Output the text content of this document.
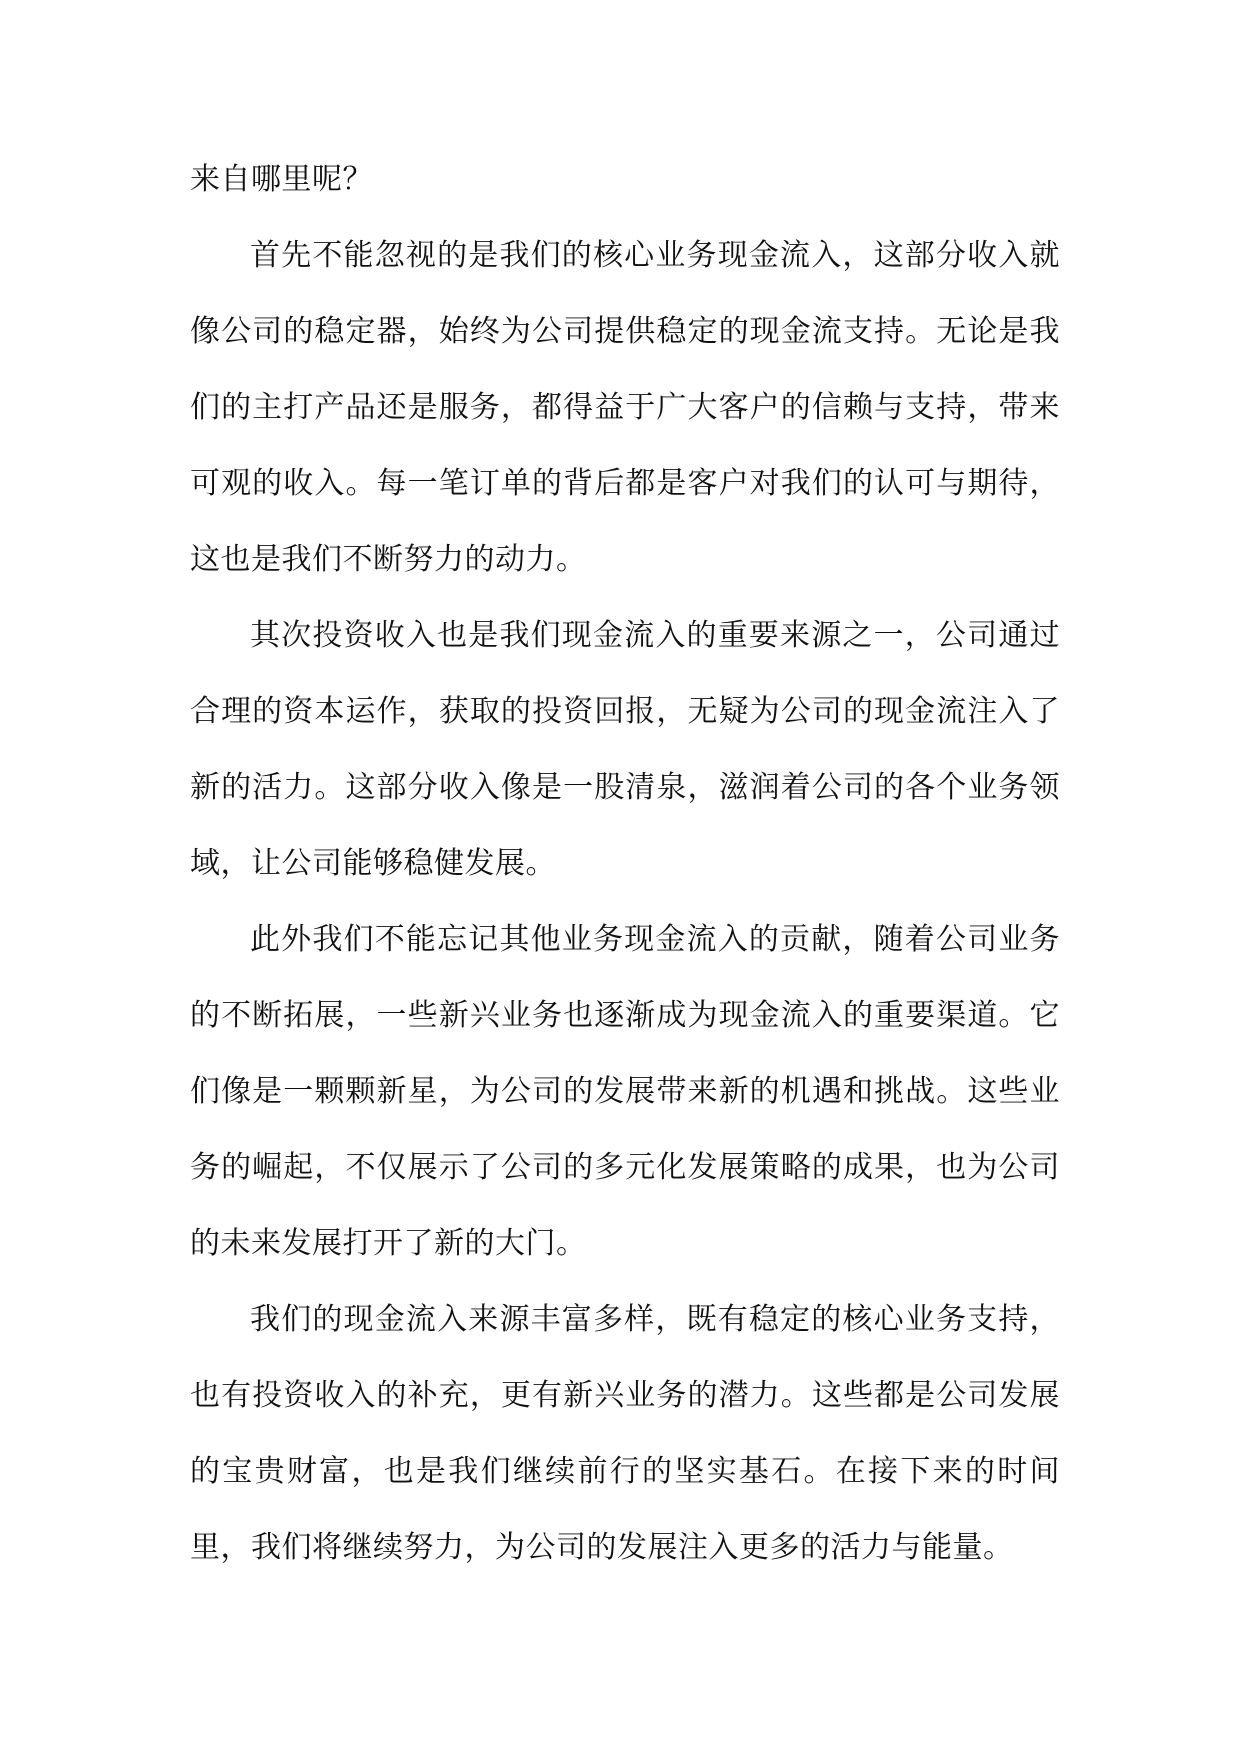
来自哪里呢？

首先不能忽视的是我们的核心业务现金流入，这部分收入就像公司的稳定器，始终为公司提供稳定的现金流支持。无论是我们的主打产品还是服务，都得益于广大客户的信赖与支持，带来可观的收入。每一笔订单的背后都是客户对我们的认可与期待，这也是我们不断努力的动力。

其次投资收入也是我们现金流入的重要来源之一，公司通过合理的资本运作，获取的投资回报，无疑为公司的现金流注入了新的活力。这部分收入像是一股清泉，滋润着公司的各个业务领域，让公司能够稳健发展。

此外我们不能忘记其他业务现金流入的贡献，随着公司业务的不断拓展，一些新兴业务也逐渐成为现金流入的重要渠道。它们像是一颗颗新星，为公司的发展带来新的机遇和挑战。这些业务的崛起，不仅展示了公司的多元化发展策略的成果，也为公司的未来发展打开了新的大门。

我们的现金流入来源丰富多样，既有稳定的核心业务支持，也有投资收入的补充，更有新兴业务的潜力。这些都是公司发展的宝贵财富，也是我们继续前行的坚实基石。在接下来的时间里，我们将继续努力，为公司的发展注入更多的活力与能量。
